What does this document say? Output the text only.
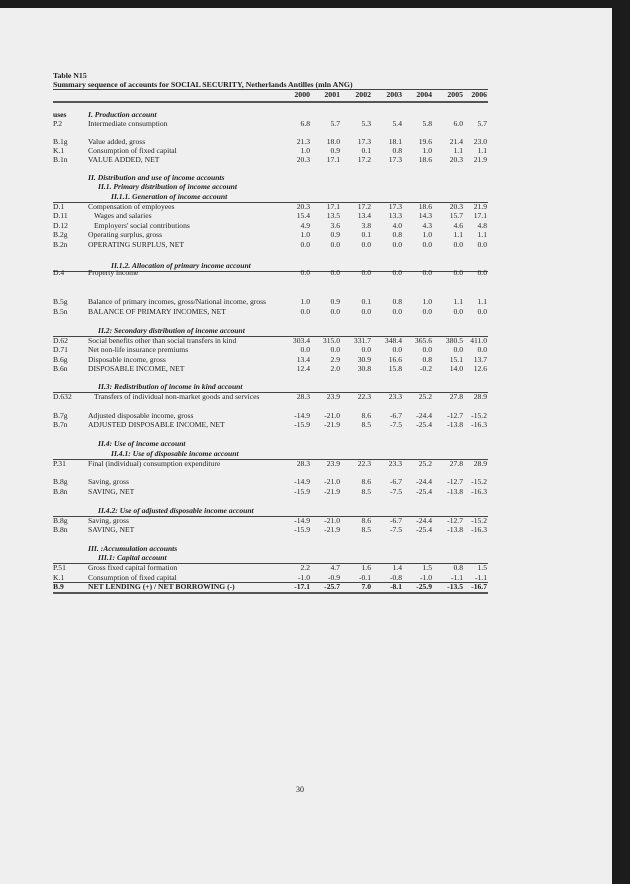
Table N15
Summary sequence of accounts for SOCIAL SECURITY, Netherlands Antilles (mln ANG)
2000	2001	2002	2003	2004	2005	2006
uses	I. Production account
P.2	Intermediate consumption	6.8	5.7	5.3	5.4	5.8	6.0	5.7
B.1g	Value added, gross	21.3	18.0	17.3	18.1	19.6	21.4	23.0
K.1	Consumption of fixed capital	1.0	0.9	0.1	0.8	1.0	1.1	1.1
B.1n	VALUE ADDED, NET	20.3	17.1	17.2	17.3	18.6	20.3	21.9
II. Distribution and use of income accounts
II.1. Primary distribution of income account
II.1.1. Generation of income account
D.1	Compensation of employees	20.3	17.1	17.2	17.3	18.6	20.3	21.9
D.11	Wages and salaries	15.4	13.5	13.4	13.3	14.3	15.7	17.1
D.12	Employers' social contributions	4.9	3.6	3.8	4.0	4.3	4.6	4.8
B.2g	Operating surplus, gross	1.0	0.9	0.1	0.8	1.0	1.1	1.1
B.2n	OPERATING SURPLUS, NET	0.0	0.0	0.0	0.0	0.0	0.0	0.0
II.1.2. Allocation of primary income account
D.4	Property income	0.0	0.0	0.0	0.0	0.0	0.0	0.0
B.5g	Balance of primary incomes, gross/National income, gross	1.0	0.9	0.1	0.8	1.0	1.1	1.1
B.5n	BALANCE OF PRIMARY INCOMES, NET	0.0	0.0	0.0	0.0	0.0	0.0	0.0
II.2: Secondary distribution of income account
D.62	Social benefits other than social transfers in kind	303.4	315.0	331.7	348.4	365.6	380.5 411.0
D.71	Net non-life insurance premiums	0.0	0.0	0.0	0.0	0.0	0.0	0.0
B.6g	Disposable income, gross	13.4	2.9	30.9	16.6	0.8	15.1	13.7
B.6n	DISPOSABLE INCOME, NET	12.4	2.0	30.8	15.8	-0.2	14.0	12.6
II.3: Redistribution of income in kind account
D.632	Transfers of individual non-market goods and services	28.3	23.9	22.3	23.3	25.2	27.8	28.9
B.7g	Adjusted disposable income, gross	-14.9	-21.0	8.6	-6.7	-24.4	-12.7	-15.2
B.7n	ADJUSTED DISPOSABLE INCOME, NET	-15.9	-21.9	8.5	-7.5	-25.4	-13.8	-16.3
II.4: Use of income account
II.4.1: Use of disposable income account
P.31	Final (individual) consumption expenditure	28.3	23.9	22.3	23.3	25.2	27.8	28.9
B.8g	Saving, gross	-14.9	-21.0	8.6	-6.7	-24.4	-12.7	-15.2
B.8n	SAVING, NET	-15.9	-21.9	8.5	-7.5	-25.4	-13.8	-16.3
II.4.2: Use of adjusted disposable income account
B.8g	Saving, gross	-14.9	-21.0	8.6	-6.7	-24.4	-12.7	-15.2
B.8n	SAVING, NET	-15.9	-21.9	8.5	-7.5	-25.4	-13.8	-16.3
III. :Accumulation accounts
III.1: Capital account
P.51	Gross fixed capital formation	2.2	4.7	1.6	1.4	1.5	0.8	1.5
K.1	Consumption of fixed capital	-1.0	-0.9	-0.1	-0.8	-1.0	-1.1	-1.1
B.9	NET LENDING (+) / NET BORROWING (-)	-17.1	-25.7	7.0	-8.1	-25.9	-13.5	-16.7
30
